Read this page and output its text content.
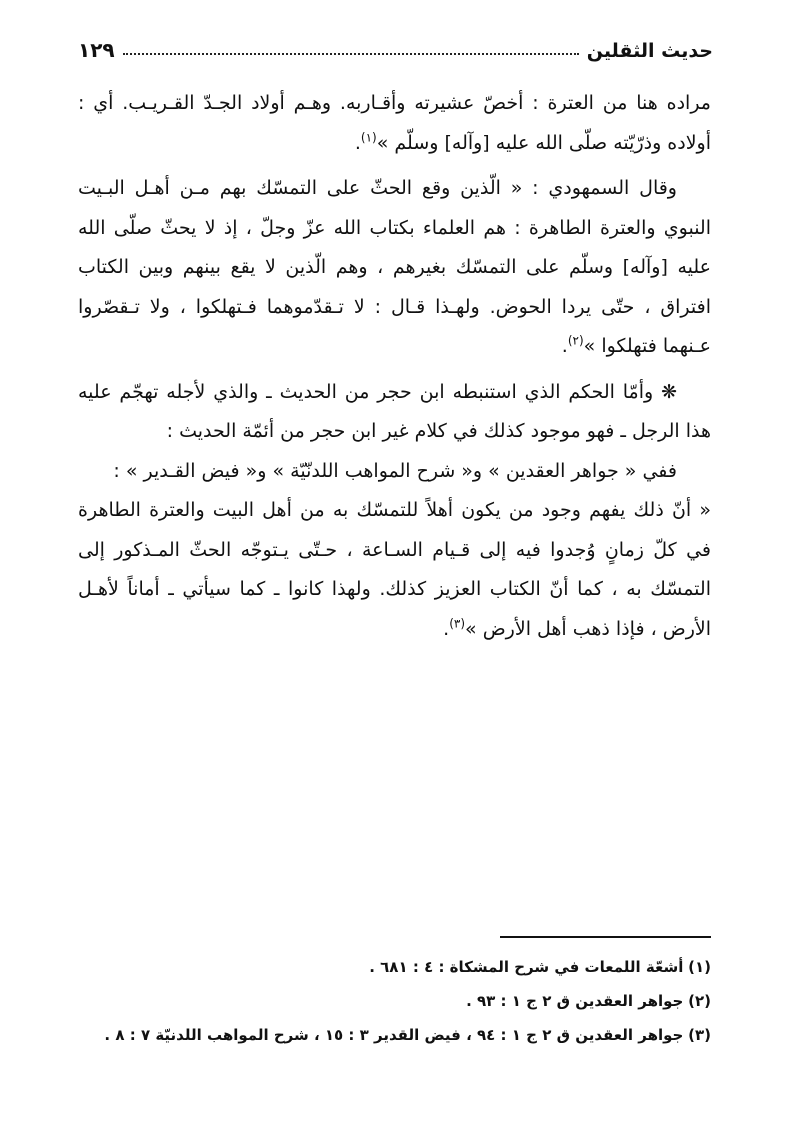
حديث الثقلين
١٢٩

مراده هنا من العترة : أخصّ عشيرته وأقـاربه. وهـم أولاد الجـدّ القـريـب. أي : أولاده وذرّيّته صلّى الله عليه [وآله] وسلّم »$^{(١)}$.

وقال السمهودي : « الّذين وقع الحثّ على التمسّك بهم مـن أهـل البـيت النبوي والعترة الطاهرة : هم العلماء بكتاب الله عزّ وجلّ ، إذ لا يحثّ صلّى الله عليه [وآله] وسلّم على التمسّك بغيرهم ، وهم الّذين لا يقع بينهم وبين الكتاب افتراق ، حتّى يردا الحوض. ولهـذا قـال : لا تـقدّموهما فـتهلكوا ، ولا تـقصّروا عـنهما فتهلكوا »$^{(٢)}$.

❋ وأمّا الحكم الذي استنبطه ابن حجر من الحديث ـ والذي لأجله تهجّم عليه هذا الرجل ـ فهو موجود كذلك في كلام غير ابن حجر من أئمّة الحديث :

ففي « جواهر العقدين » و« شرح المواهب اللدنّيّة » و« فيض القـدير » :

« أنّ ذلك يفهم وجود من يكون أهلاً للتمسّك به من أهل البيت والعترة الطاهرة في كلّ زمانٍ وُجدوا فيه إلى قـيام السـاعة ، حـتّى يـتوجّه الحثّ المـذكور إلى التمسّك به ، كما أنّ الكتاب العزيز كذلك. ولهذا كانوا ـ كما سيأتي ـ أماناً لأهـل الأرض ، فإذا ذهب أهل الأرض »$^{(٣)}$.

(١) أشعّة اللمعات في شرح المشكاة : ٤ : ٦٨١ .

(٢) جواهر العقدين ق ٢ ج ١ : ٩٣ .

(٣) جواهر العقدين ق ٢ ج ١ : ٩٤ ، فيض القدير ٣ : ١٥ ، شرح المواهب اللدنيّة ٧ : ٨ .
